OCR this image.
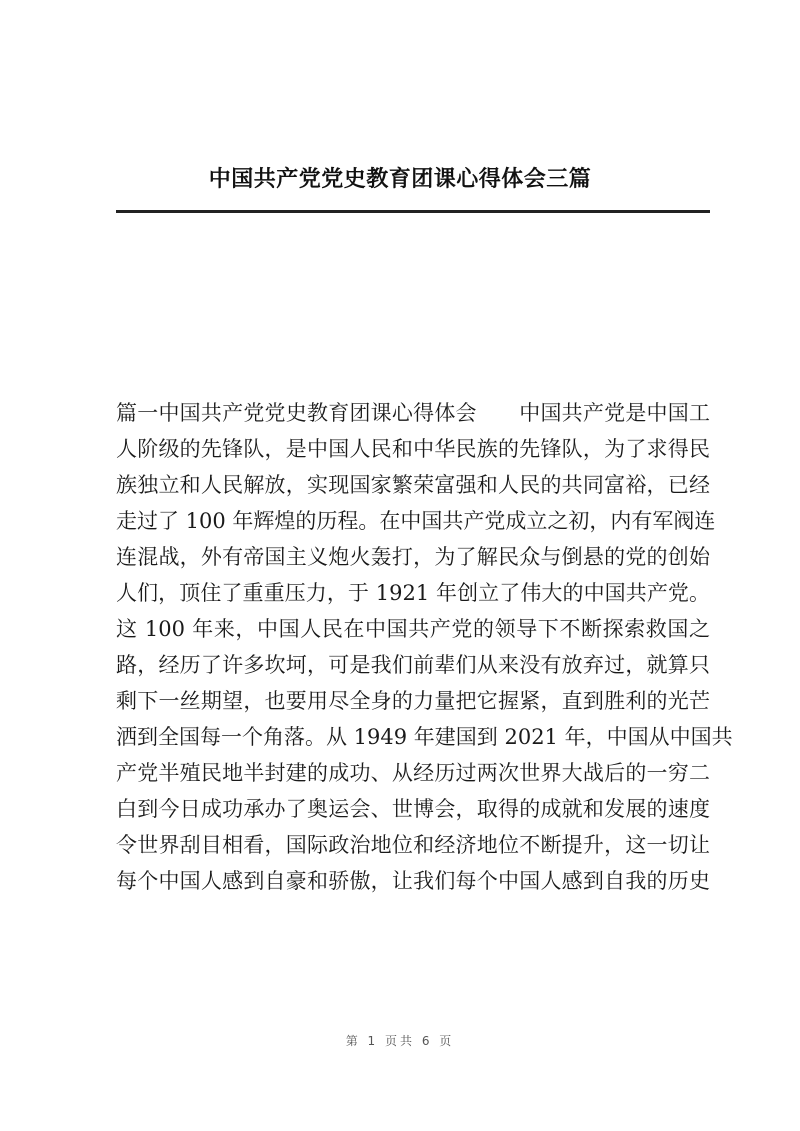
中国共产党党史教育团课心得体会三篇
篇一中国共产党党史教育团课心得体会　　中国共产党是中国工
人阶级的先锋队，是中国人民和中华民族的先锋队，为了求得民
族独立和人民解放，实现国家繁荣富强和人民的共同富裕，已经
走过了 100 年辉煌的历程。在中国共产党成立之初，内有军阀连
连混战，外有帝国主义炮火轰打，为了解民众与倒悬的党的创始
人们，顶住了重重压力，于 1921 年创立了伟大的中国共产党。
这 100 年来，中国人民在中国共产党的领导下不断探索救国之
路，经历了许多坎坷，可是我们前辈们从来没有放弃过，就算只
剩下一丝期望，也要用尽全身的力量把它握紧，直到胜利的光芒
洒到全国每一个角落。从 1949 年建国到 2021 年，中国从中国共
产党半殖民地半封建的成功、从经历过两次世界大战后的一穷二
白到今日成功承办了奥运会、世博会，取得的成就和发展的速度
令世界刮目相看，国际政治地位和经济地位不断提升，这一切让
每个中国人感到自豪和骄傲，让我们每个中国人感到自我的历史
第 1 页共 6 页
